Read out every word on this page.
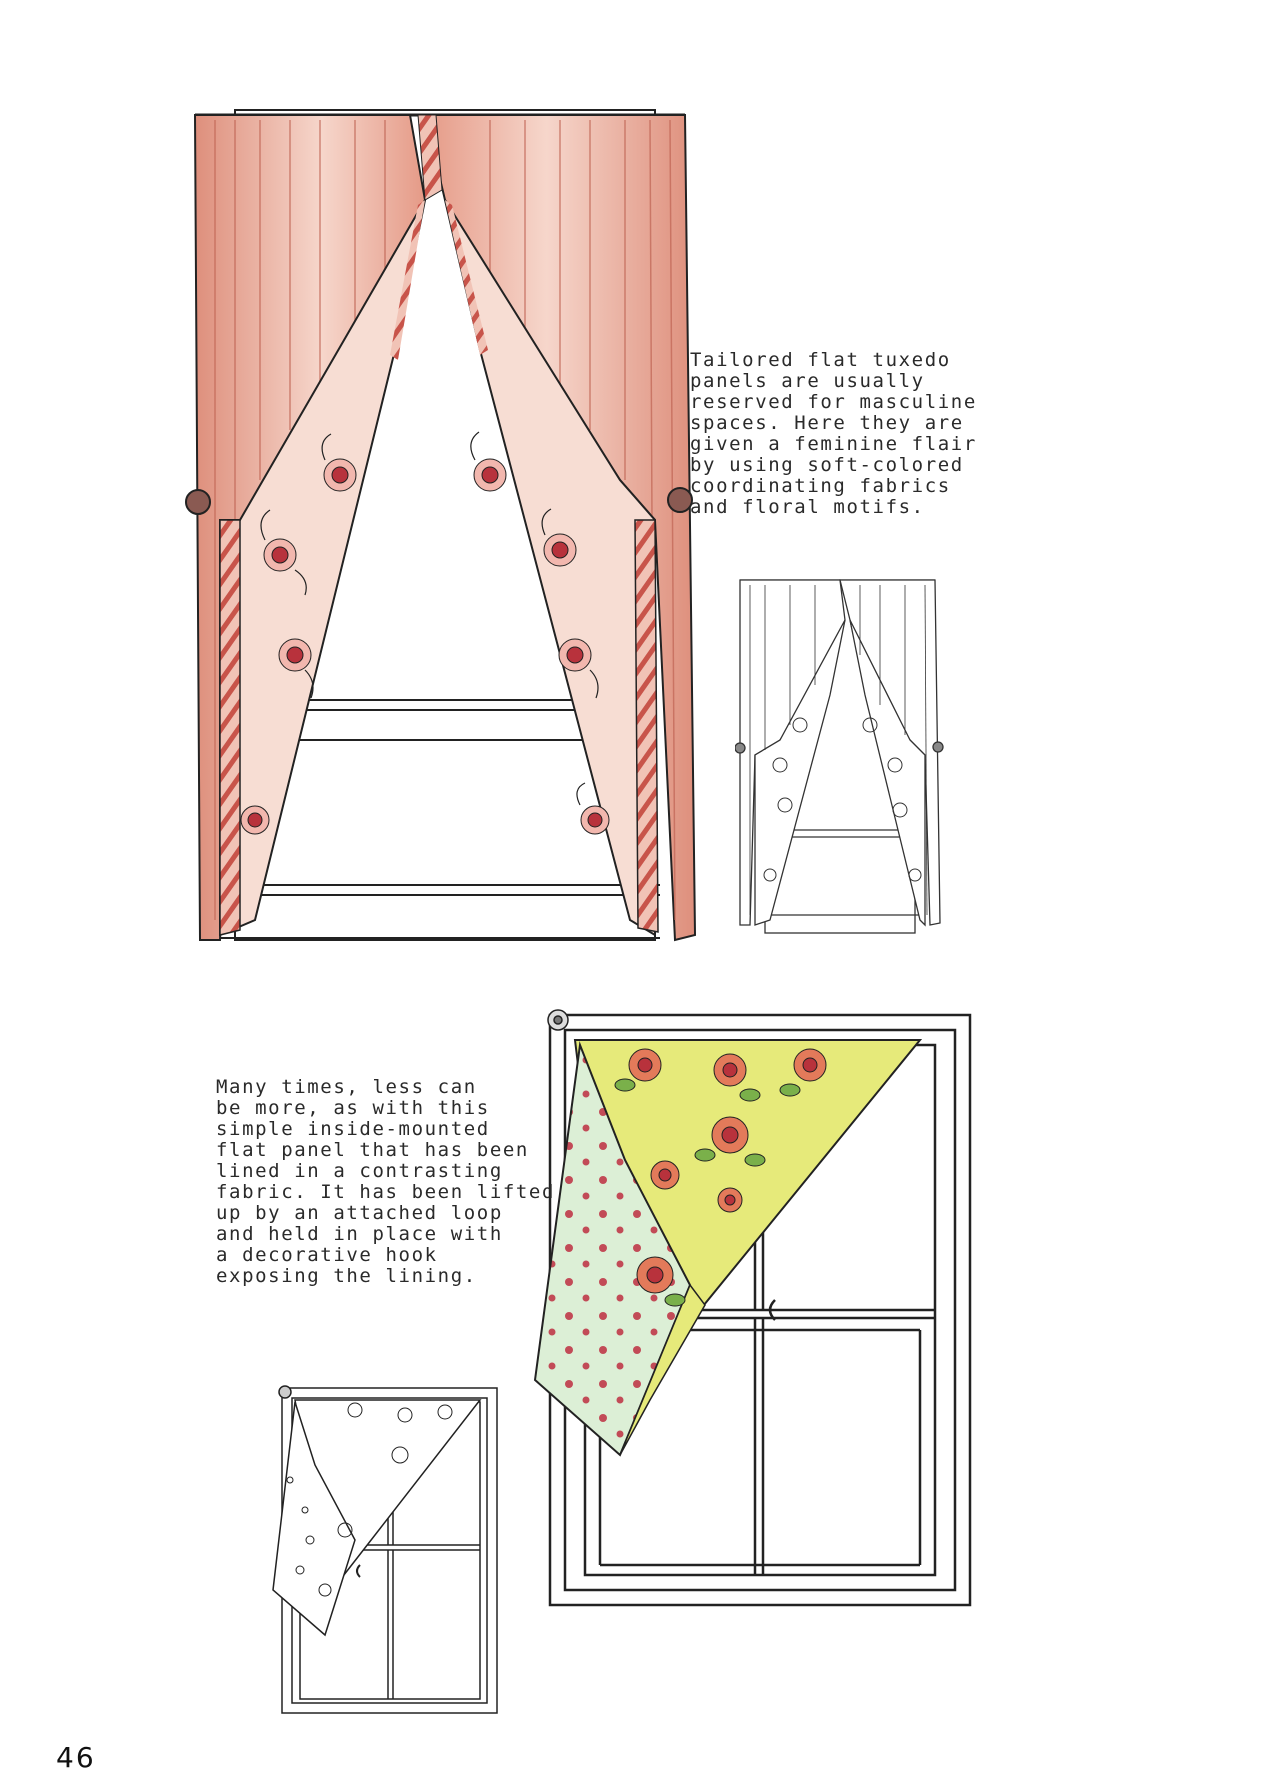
Tailored flat tuxedo
panels are usually
reserved for masculine
spaces. Here they are
given a feminine flair
by using soft-colored
coordinating fabrics
and floral motifs.
Many times, less can
be more, as with this
simple inside-mounted
flat panel that has been
lined in a contrasting
fabric. It has been lifted
up by an attached loop
and held in place with
a decorative hook
exposing the lining.
46
